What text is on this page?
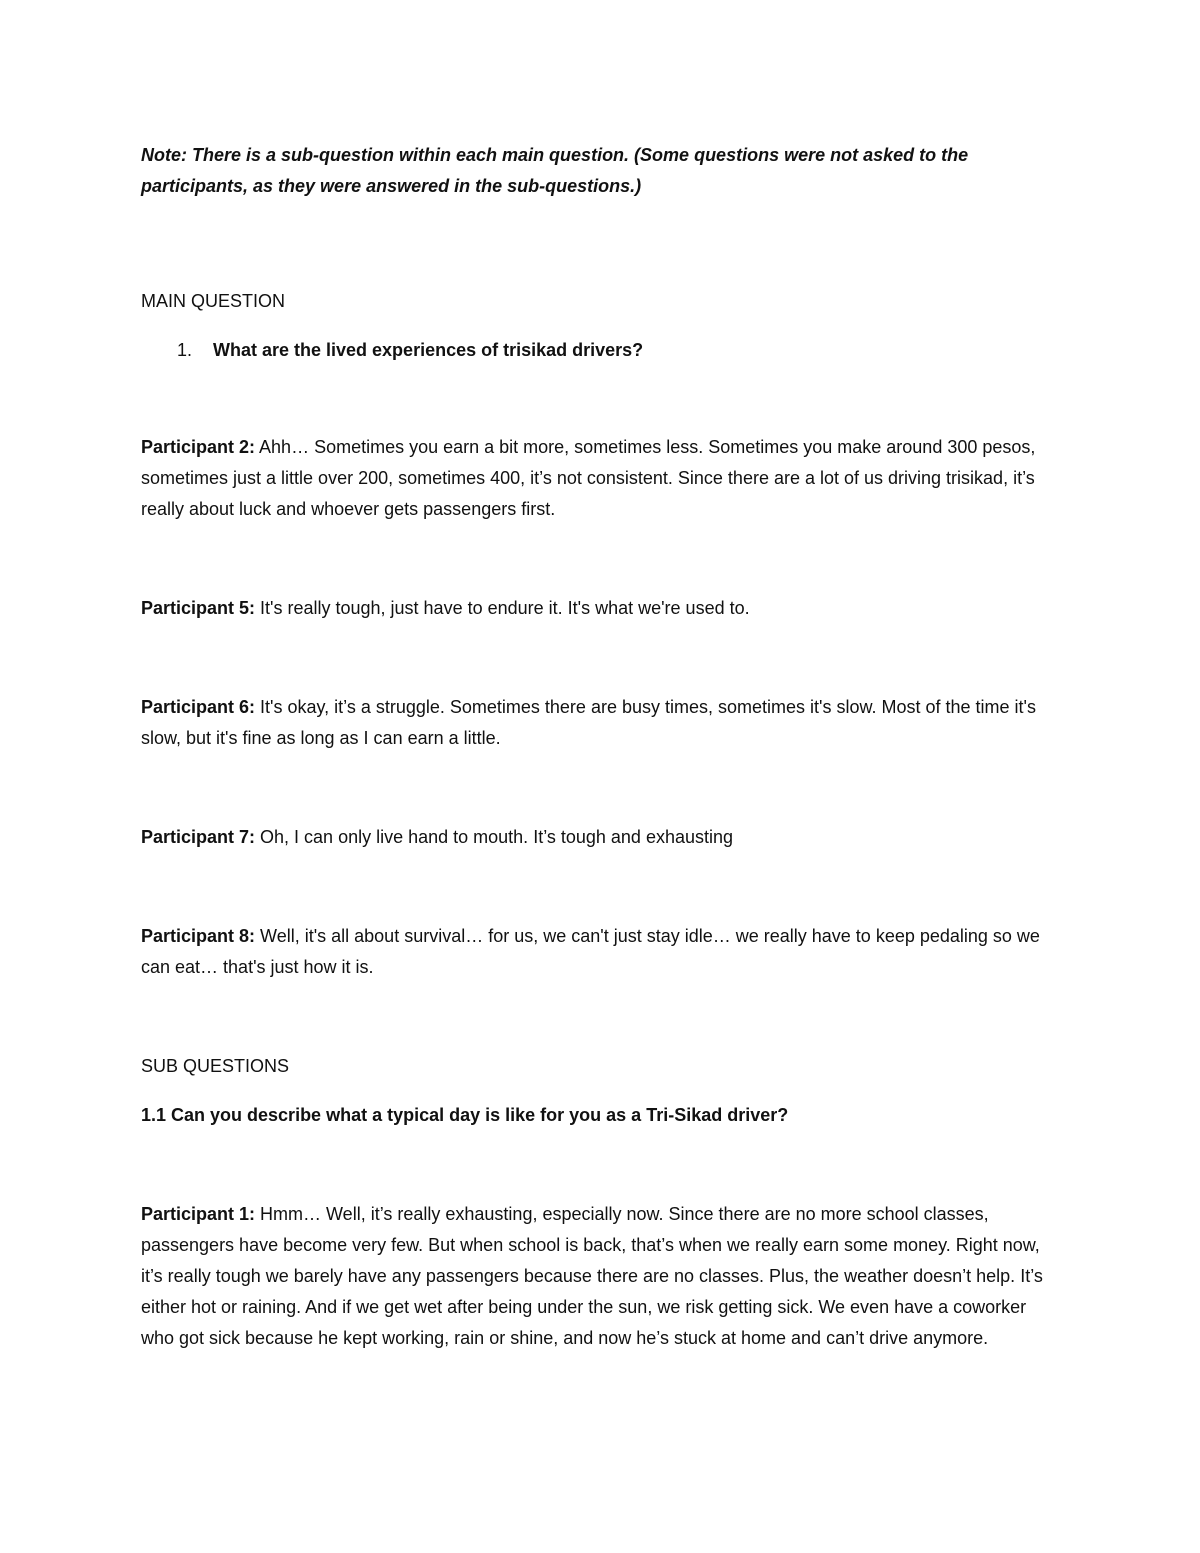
Note: There is a sub-question within each main question. (Some questions were not asked to the participants, as they were answered in the sub-questions.)

MAIN QUESTION

1.	What are the lived experiences of trisikad drivers?

Participant 2: Ahh… Sometimes you earn a bit more, sometimes less. Sometimes you make around 300 pesos, sometimes just a little over 200, sometimes 400, it’s not consistent. Since there are a lot of us driving trisikad, it’s really about luck and whoever gets passengers first.

Participant 5: It's really tough, just have to endure it. It's what we're used to.

Participant 6: It's okay, it’s a struggle. Sometimes there are busy times, sometimes it's slow. Most of the time it's slow, but it's fine as long as I can earn a little.

Participant 7: Oh, I can only live hand to mouth. It’s tough and exhausting

Participant 8: Well, it's all about survival… for us, we can't just stay idle… we really have to keep pedaling so we can eat… that's just how it is.

SUB QUESTIONS

1.1 Can you describe what a typical day is like for you as a Tri-Sikad driver?

Participant 1: Hmm… Well, it’s really exhausting, especially now. Since there are no more school classes, passengers have become very few. But when school is back, that’s when we really earn some money. Right now, it’s really tough we barely have any passengers because there are no classes. Plus, the weather doesn’t help. It’s either hot or raining. And if we get wet after being under the sun, we risk getting sick. We even have a coworker who got sick because he kept working, rain or shine, and now he’s stuck at home and can’t drive anymore.
